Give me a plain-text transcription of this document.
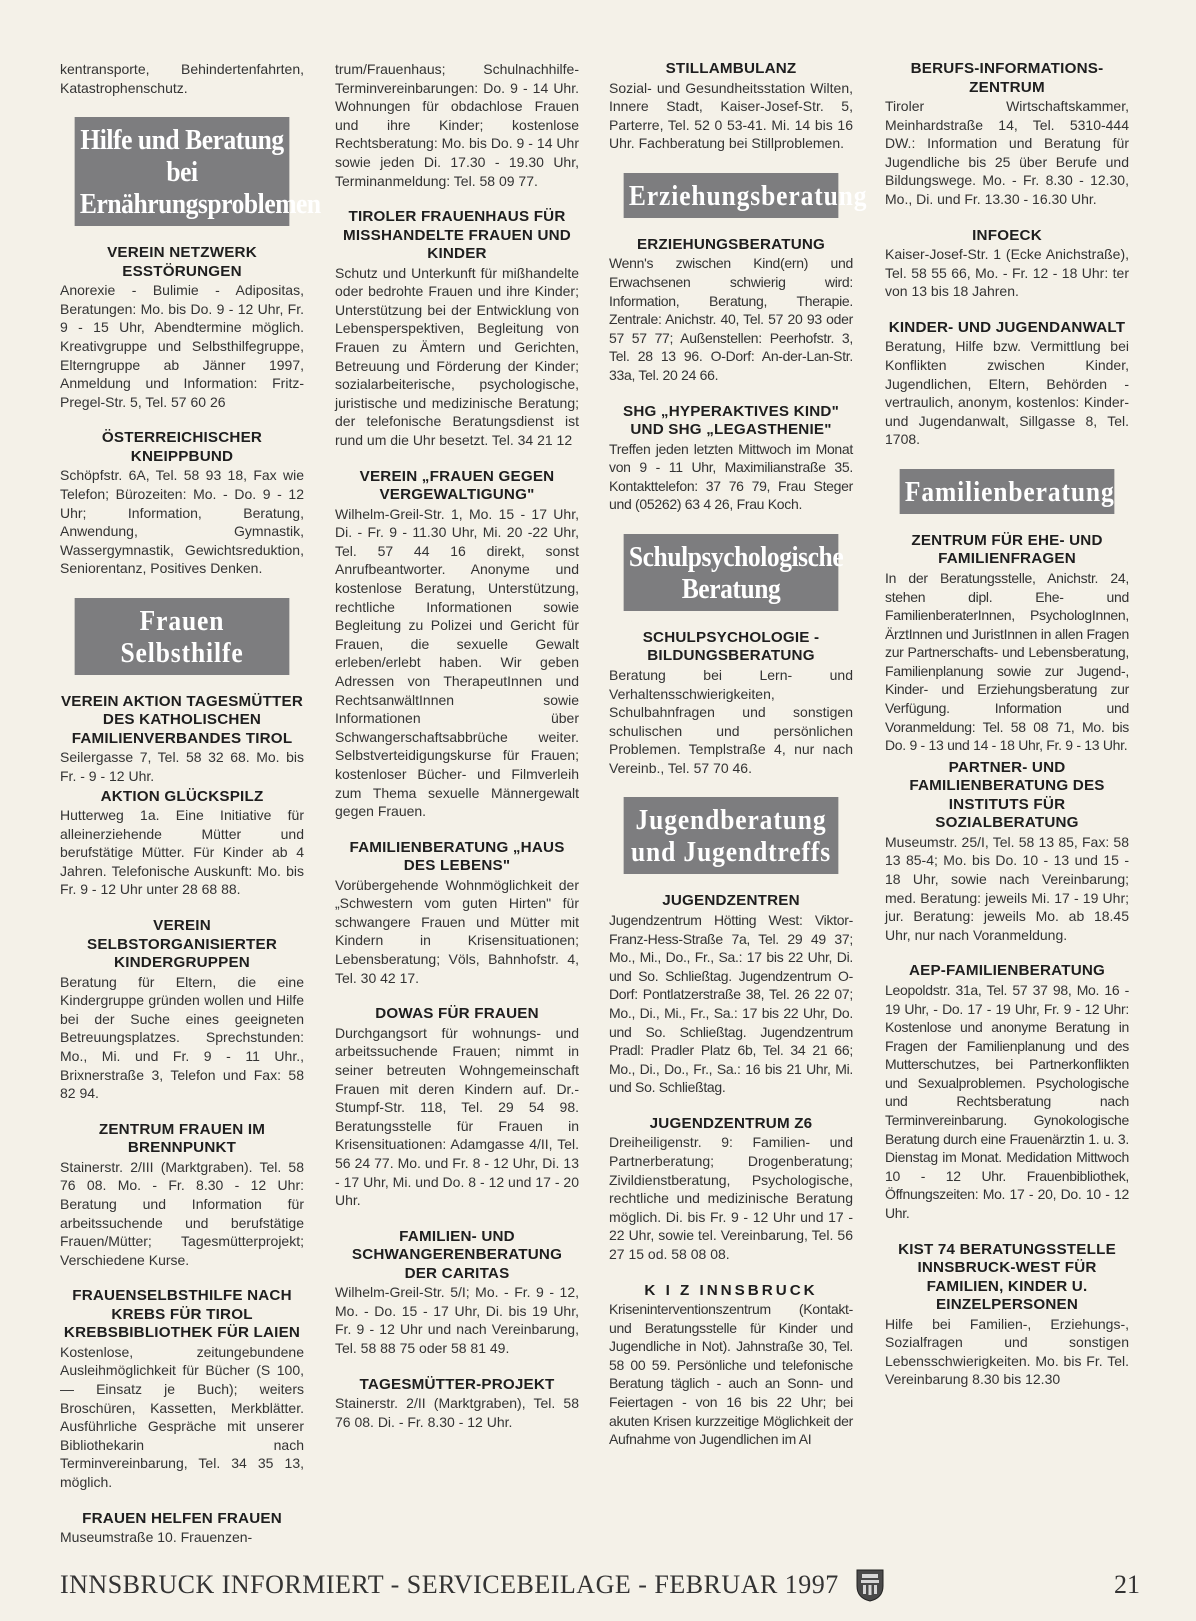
kentransporte, Behindertenfahrten, Katastrophenschutz.
Hilfe und Beratung bei Ernährungsproblemen
VEREIN NETZWERK ESSTÖRUNGEN
Anorexie - Bulimie - Adipositas, Beratungen: Mo. bis Do. 9 - 12 Uhr, Fr. 9 - 15 Uhr, Abendtermine möglich. Kreativgruppe und Selbsthilfegruppe, Elterngruppe ab Jänner 1997, Anmeldung und Information: Fritz-Pregel-Str. 5, Tel. 57 60 26
ÖSTERREICHISCHER KNEIPPBUND
Schöpfstr. 6A, Tel. 58 93 18, Fax wie Telefon; Bürozeiten: Mo. - Do. 9 - 12 Uhr; Information, Beratung, Anwendung, Gymnastik, Wassergymnastik, Gewichtsreduktion, Seniorentanz, Positives Denken.
Frauen Selbsthilfe
VEREIN AKTION TAGESMÜTTER DES KATHOLISCHEN FAMILIENVERBANDES TIROL
Seilergasse 7, Tel. 58 32 68. Mo. bis Fr. - 9 - 12 Uhr.
AKTION GLÜCKSPILZ
Hutterweg 1a. Eine Initiative für alleinerziehende Mütter und berufstätige Mütter. Für Kinder ab 4 Jahren. Telefonische Auskunft: Mo. bis Fr. 9 - 12 Uhr unter 28 68 88.
VEREIN SELBSTORGANISIERTER KINDERGRUPPEN
Beratung für Eltern, die eine Kindergruppe gründen wollen und Hilfe bei der Suche eines geeigneten Betreuungsplatzes. Sprechstunden: Mo., Mi. und Fr. 9 - 11 Uhr., Brixnerstraße 3, Telefon und Fax: 58 82 94.
ZENTRUM FRAUEN IM BRENNPUNKT
Stainerstr. 2/III (Marktgraben). Tel. 58 76 08. Mo. - Fr. 8.30 - 12 Uhr: Beratung und Information für arbeitssuchende und berufstätige Frauen/Mütter; Tagesmütterprojekt; Verschiedene Kurse.
FRAUENSELBSTHILFE NACH KREBS FÜR TIROL KREBSBIBLIOTHEK FÜR LAIEN
Kostenlose, zeitungebundene Ausleihmöglichkeit für Bücher (S 100,— Einsatz je Buch); weiters Broschüren, Kassetten, Merkblätter. Ausführliche Gespräche mit unserer Bibliothekarin nach Terminvereinbarung, Tel. 34 35 13, möglich.
FRAUEN HELFEN FRAUEN
Museumstraße 10. Frauenzen-
trum/Frauenhaus; Schulnachhilfe-Terminvereinbarungen: Do. 9 - 14 Uhr. Wohnungen für obdachlose Frauen und ihre Kinder; kostenlose Rechtsberatung: Mo. bis Do. 9 - 14 Uhr sowie jeden Di. 17.30 - 19.30 Uhr, Terminanmeldung: Tel. 58 09 77.
TIROLER FRAUENHAUS FÜR MISSHANDELTE FRAUEN UND KINDER
Schutz und Unterkunft für mißhandelte oder bedrohte Frauen und ihre Kinder; Unterstützung bei der Entwicklung von Lebensperspektiven, Begleitung von Frauen zu Ämtern und Gerichten, Betreuung und Förderung der Kinder; sozialarbeiterische, psychologische, juristische und medizinische Beratung; der telefonische Beratungsdienst ist rund um die Uhr besetzt. Tel. 34 21 12
VEREIN „FRAUEN GEGEN VERGEWALTIGUNG"
Wilhelm-Greil-Str. 1, Mo. 15 - 17 Uhr, Di. - Fr. 9 - 11.30 Uhr, Mi. 20 -22 Uhr, Tel. 57 44 16 direkt, sonst Anrufbeantworter. Anonyme und kostenlose Beratung, Unterstützung, rechtliche Informationen sowie Begleitung zu Polizei und Gericht für Frauen, die sexuelle Gewalt erleben/erlebt haben. Wir geben Adressen von TherapeutInnen und RechtsanwältInnen sowie Informationen über Schwangerschaftsabbrüche weiter. Selbstverteidigungskurse für Frauen; kostenloser Bücher- und Filmverleih zum Thema sexuelle Männergewalt gegen Frauen.
FAMILIENBERATUNG „HAUS DES LEBENS"
Vorübergehende Wohnmöglichkeit der „Schwestern vom guten Hirten" für schwangere Frauen und Mütter mit Kindern in Krisensituationen; Lebensberatung; Völs, Bahnhofstr. 4, Tel. 30 42 17.
DOWAS FÜR FRAUEN
Durchgangsort für wohnungs- und arbeitssuchende Frauen; nimmt in seiner betreuten Wohngemeinschaft Frauen mit deren Kindern auf. Dr.-Stumpf-Str. 118, Tel. 29 54 98. Beratungsstelle für Frauen in Krisensituationen: Adamgasse 4/II, Tel. 56 24 77. Mo. und Fr. 8 - 12 Uhr, Di. 13 - 17 Uhr, Mi. und Do. 8 - 12 und 17 - 20 Uhr.
FAMILIEN- UND SCHWANGERENBERATUNG DER CARITAS
Wilhelm-Greil-Str. 5/I; Mo. - Fr. 9 - 12, Mo. - Do. 15 - 17 Uhr, Di. bis 19 Uhr, Fr. 9 - 12 Uhr und nach Vereinbarung, Tel. 58 88 75 oder 58 81 49.
TAGESMÜTTER-PROJEKT
Stainerstr. 2/II (Marktgraben), Tel. 58 76 08. Di. - Fr. 8.30 - 12 Uhr.
STILLAMBULANZ
Sozial- und Gesundheitsstation Wilten, Innere Stadt, Kaiser-Josef-Str. 5, Parterre, Tel. 52 0 53-41. Mi. 14 bis 16 Uhr. Fachberatung bei Stillproblemen.
Erziehungsberatung
ERZIEHUNGSBERATUNG
Wenn's zwischen Kind(ern) und Erwachsenen schwierig wird: Information, Beratung, Therapie. Zentrale: Anichstr. 40, Tel. 57 20 93 oder 57 57 77; Außenstellen: Peerhofstr. 3, Tel. 28 13 96. O-Dorf: An-der-Lan-Str. 33a, Tel. 20 24 66.
SHG „HYPERAKTIVES KIND" UND SHG „LEGASTHENIE"
Treffen jeden letzten Mittwoch im Monat von 9 - 11 Uhr, Maximilianstraße 35. Kontakttelefon: 37 76 79, Frau Steger und (05262) 63 4 26, Frau Koch.
Schulpsychologische Beratung
SCHULPSYCHOLOGIE - BILDUNGSBERATUNG
Beratung bei Lern- und Verhaltensschwierigkeiten, Schulbahnfragen und sonstigen schulischen und persönlichen Problemen. Templstraße 4, nur nach Vereinb., Tel. 57 70 46.
Jugendberatung und Jugendtreffs
JUGENDZENTREN
Jugendzentrum Hötting West: Viktor-Franz-Hess-Straße 7a, Tel. 29 49 37; Mo., Mi., Do., Fr., Sa.: 17 bis 22 Uhr, Di. und So. Schließtag. Jugendzentrum O-Dorf: Pontlatzerstraße 38, Tel. 26 22 07; Mo., Di., Mi., Fr., Sa.: 17 bis 22 Uhr, Do. und So. Schließtag. Jugendzentrum Pradl: Pradler Platz 6b, Tel. 34 21 66; Mo., Di., Do., Fr., Sa.: 16 bis 21 Uhr, Mi. und So. Schließtag.
JUGENDZENTRUM Z6
Dreiheiligenstr. 9: Familien- und Partnerberatung; Drogenberatung; Zivildienstberatung, Psychologische, rechtliche und medizinische Beratung möglich. Di. bis Fr. 9 - 12 Uhr und 17 - 22 Uhr, sowie tel. Vereinbarung, Tel. 56 27 15 od. 58 08 08.
K I Z INNSBRUCK
Kriseninterventionszentrum (Kontakt- und Beratungsstelle für Kinder und Jugendliche in Not). Jahnstraße 30, Tel. 58 00 59. Persönliche und telefonische Beratung täglich - auch an Sonn- und Feiertagen - von 16 bis 22 Uhr; bei akuten Krisen kurzzeitige Möglichkeit der Aufnahme von Jugendlichen im AI
BERUFS-INFORMATIONS-ZENTRUM
Tiroler Wirtschaftskammer, Meinhardstraße 14, Tel. 5310-444 DW.: Information und Beratung für Jugendliche bis 25 über Berufe und Bildungswege. Mo. - Fr. 8.30 - 12.30, Mo., Di. und Fr. 13.30 - 16.30 Uhr.
INFOECK
Kaiser-Josef-Str. 1 (Ecke Anichstraße), Tel. 58 55 66, Mo. - Fr. 12 - 18 Uhr: ter von 13 bis 18 Jahren.
KINDER- UND JUGENDANWALT
Beratung, Hilfe bzw. Vermittlung bei Konflikten zwischen Kinder, Jugendlichen, Eltern, Behörden - vertraulich, anonym, kostenlos: Kinder- und Jugendanwalt, Sillgasse 8, Tel. 1708.
Familienberatung
ZENTRUM FÜR EHE- UND FAMILIENFRAGEN
In der Beratungsstelle, Anichstr. 24, stehen dipl. Ehe- und FamilienberaterInnen, PsychologInnen, ÄrztInnen und JuristInnen in allen Fragen zur Partnerschafts- und Lebensberatung, Familienplanung sowie zur Jugend-, Kinder- und Erziehungsberatung zur Verfügung. Information und Voranmeldung: Tel. 58 08 71, Mo. bis Do. 9 - 13 und 14 - 18 Uhr, Fr. 9 - 13 Uhr.
PARTNER- UND FAMILIENBERATUNG DES INSTITUTS FÜR SOZIALBERATUNG
Museumstr. 25/I, Tel. 58 13 85, Fax: 58 13 85-4; Mo. bis Do. 10 - 13 und 15 - 18 Uhr, sowie nach Vereinbarung; med. Beratung: jeweils Mi. 17 - 19 Uhr; jur. Beratung: jeweils Mo. ab 18.45 Uhr, nur nach Voranmeldung.
AEP-FAMILIENBERATUNG
Leopoldstr. 31a, Tel. 57 37 98, Mo. 16 - 19 Uhr, - Do. 17 - 19 Uhr, Fr. 9 - 12 Uhr: Kostenlose und anonyme Beratung in Fragen der Familienplanung und des Mutterschutzes, bei Partnerkonflikten und Sexualproblemen. Psychologische und Rechtsberatung nach Terminvereinbarung. Gynokologische Beratung durch eine Frauenärztin 1. u. 3. Dienstag im Monat. Medidation Mittwoch 10 - 12 Uhr. Frauenbibliothek, Öffnungszeiten: Mo. 17 - 20, Do. 10 - 12 Uhr.
KIST 74 BERATUNGSSTELLE INNSBRUCK-WEST FÜR FAMILIEN, KINDER U. EINZELPERSONEN
Hilfe bei Familien-, Erziehungs-, Sozialfragen und sonstigen Lebensschwierigkeiten. Mo. bis Fr. Tel. Vereinbarung 8.30 bis 12.30
INNSBRUCK INFORMIERT - SERVICEBEILAGE - FEBRUAR 1997	21
